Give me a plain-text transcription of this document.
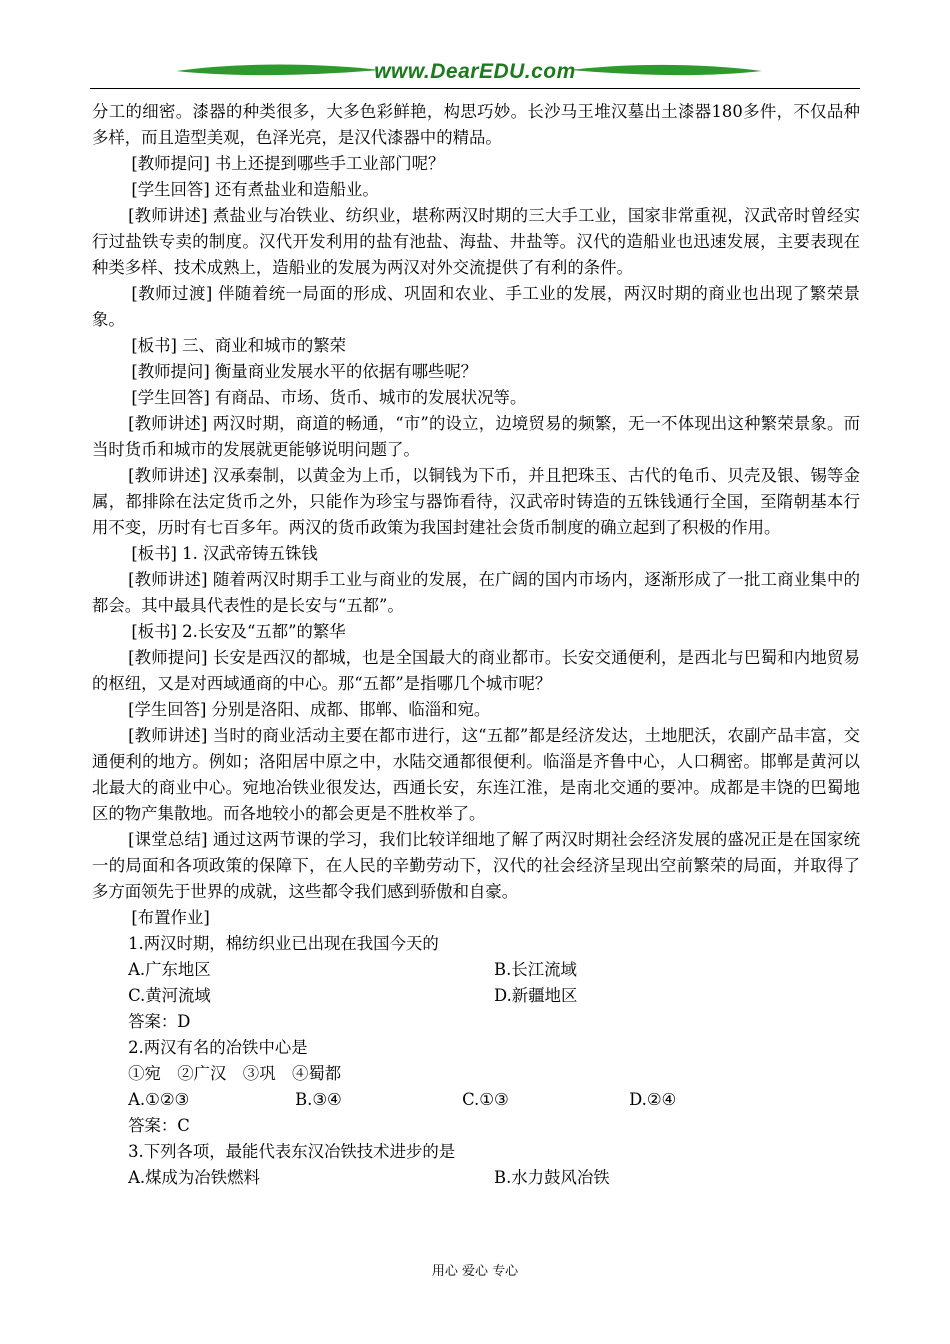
www.DearEDU.com

分工的细密。漆器的种类很多，大多色彩鲜艳，构思巧妙。长沙马王堆汉墓出土漆器180多件，不仅品种多样，而且造型美观，色泽光亮，是汉代漆器中的精品。

[教师提问] 书上还提到哪些手工业部门呢？

[学生回答] 还有煮盐业和造船业。

[教师讲述] 煮盐业与冶铁业、纺织业，堪称两汉时期的三大手工业，国家非常重视，汉武帝时曾经实行过盐铁专卖的制度。汉代开发利用的盐有池盐、海盐、井盐等。汉代的造船业也迅速发展，主要表现在种类多样、技术成熟上，造船业的发展为两汉对外交流提供了有利的条件。

[教师过渡] 伴随着统一局面的形成、巩固和农业、手工业的发展，两汉时期的商业也出现了繁荣景象。

[板书] 三、商业和城市的繁荣

[教师提问] 衡量商业发展水平的依据有哪些呢？

[学生回答] 有商品、市场、货币、城市的发展状况等。

[教师讲述] 两汉时期，商道的畅通，“市”的设立，边境贸易的频繁，无一不体现出这种繁荣景象。而当时货币和城市的发展就更能够说明问题了。

[教师讲述] 汉承秦制，以黄金为上币，以铜钱为下币，并且把珠玉、古代的龟币、贝壳及银、锡等金属，都排除在法定货币之外，只能作为珍宝与器饰看待，汉武帝时铸造的五铢钱通行全国，至隋朝基本行用不变，历时有七百多年。两汉的货币政策为我国封建社会货币制度的确立起到了积极的作用。

[板书] 1. 汉武帝铸五铢钱

[教师讲述] 随着两汉时期手工业与商业的发展，在广阔的国内市场内，逐渐形成了一批工商业集中的都会。其中最具代表性的是长安与“五都”。

[板书] 2.长安及“五都”的繁华

[教师提问] 长安是西汉的都城，也是全国最大的商业都市。长安交通便利，是西北与巴蜀和内地贸易的枢纽，又是对西域通商的中心。那“五都”是指哪几个城市呢？

[学生回答] 分别是洛阳、成都、邯郸、临淄和宛。

[教师讲述] 当时的商业活动主要在都市进行，这“五都”都是经济发达，土地肥沃，农副产品丰富，交通便利的地方。例如；洛阳居中原之中，水陆交通都很便利。临淄是齐鲁中心，人口稠密。邯郸是黄河以北最大的商业中心。宛地冶铁业很发达，西通长安，东连江淮，是南北交通的要冲。成都是丰饶的巴蜀地区的物产集散地。而各地较小的都会更是不胜枚举了。

[课堂总结] 通过这两节课的学习，我们比较详细地了解了两汉时期社会经济发展的盛况正是在国家统一的局面和各项政策的保障下，在人民的辛勤劳动下，汉代的社会经济呈现出空前繁荣的局面，并取得了多方面领先于世界的成就，这些都令我们感到骄傲和自豪。

[布置作业]

1.两汉时期，棉纺织业已出现在我国今天的

A.广东地区	B.长江流域
C.黄河流域	D.新疆地区

答案：D

2.两汉有名的冶铁中心是

①宛　②广汉　③巩　④蜀都

A.①②③	B.③④	C.①③	D.②④

答案：C

3.下列各项，最能代表东汉冶铁技术进步的是

A.煤成为冶铁燃料	B.水力鼓风冶铁
用心 爱心 专心
